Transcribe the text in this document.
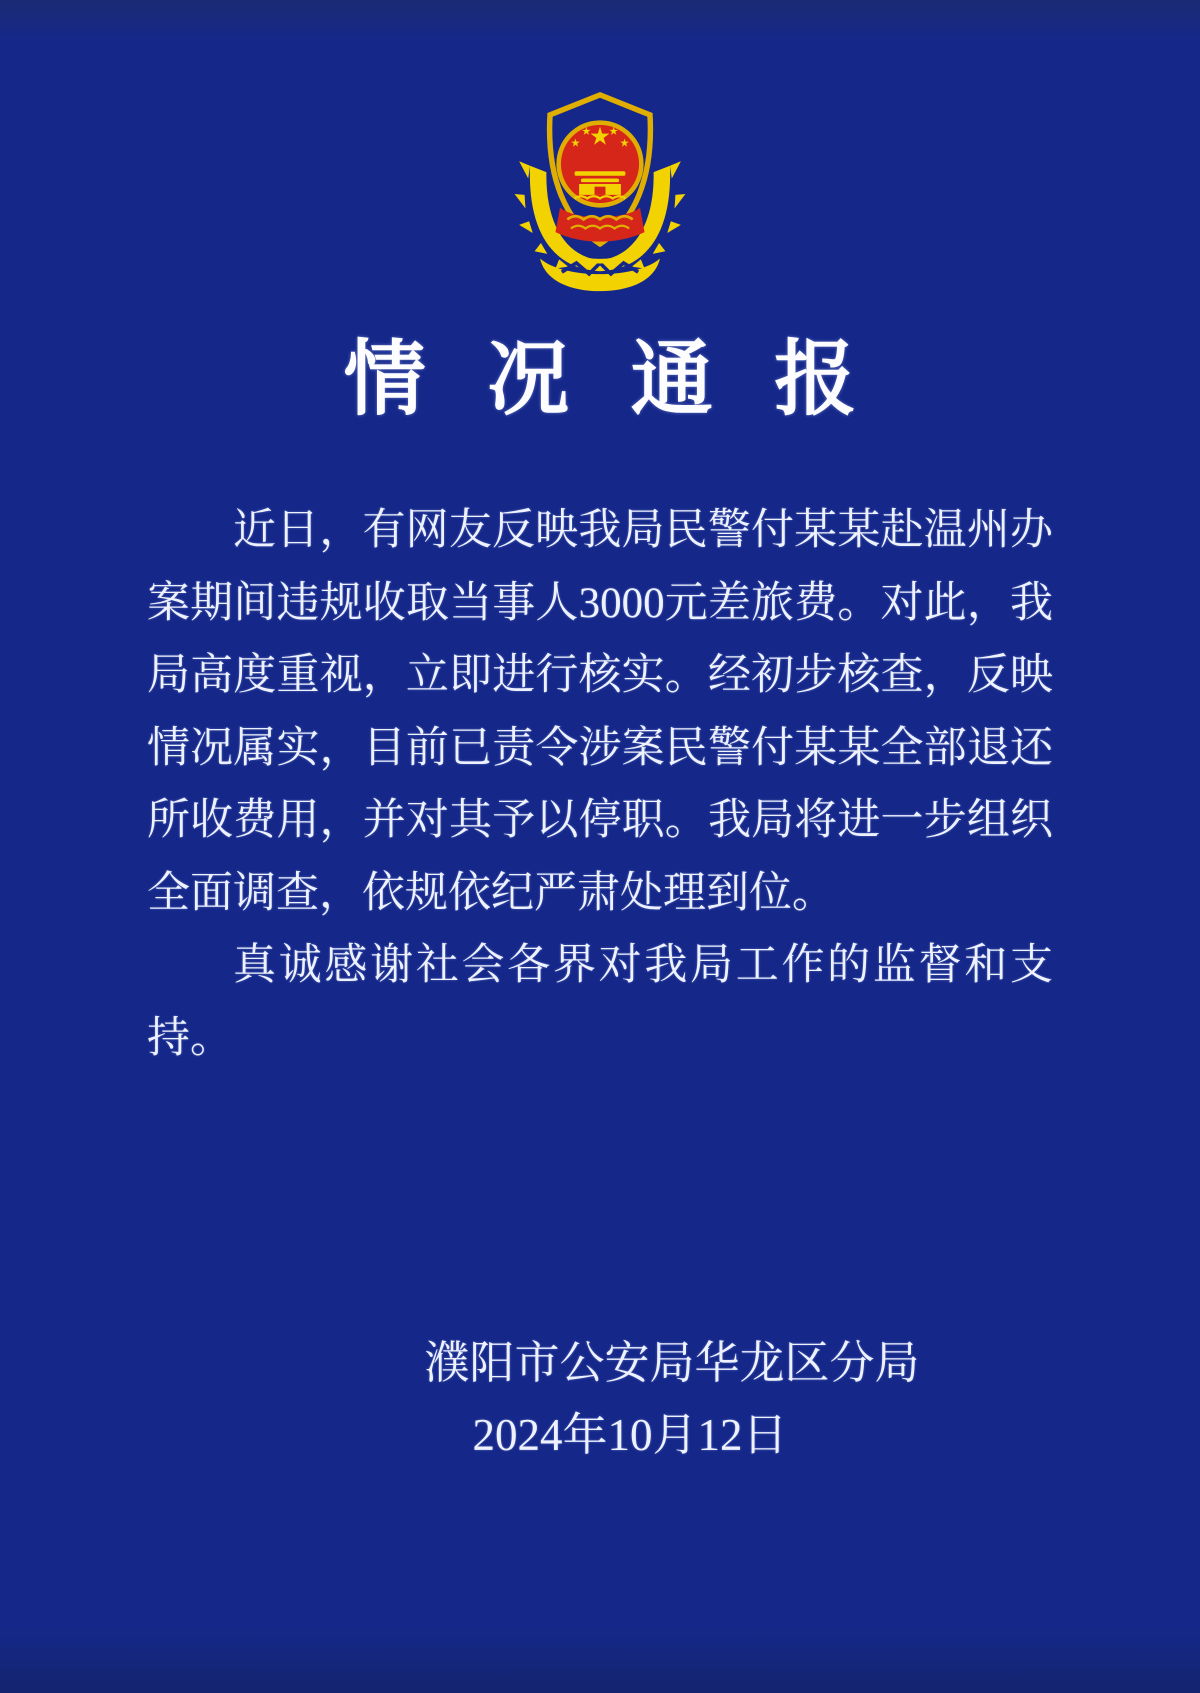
情 况 通 报

近日，有网友反映我局民警付某某赴温州办案期间违规收取当事人3000元差旅费。对此，我局高度重视，立即进行核实。经初步核查，反映情况属实，目前已责令涉案民警付某某全部退还所收费用，并对其予以停职。我局将进一步组织全面调查，依规依纪严肃处理到位。

真诚感谢社会各界对我局工作的监督和支持。

濮阳市公安局华龙区分局
2024年10月12日
